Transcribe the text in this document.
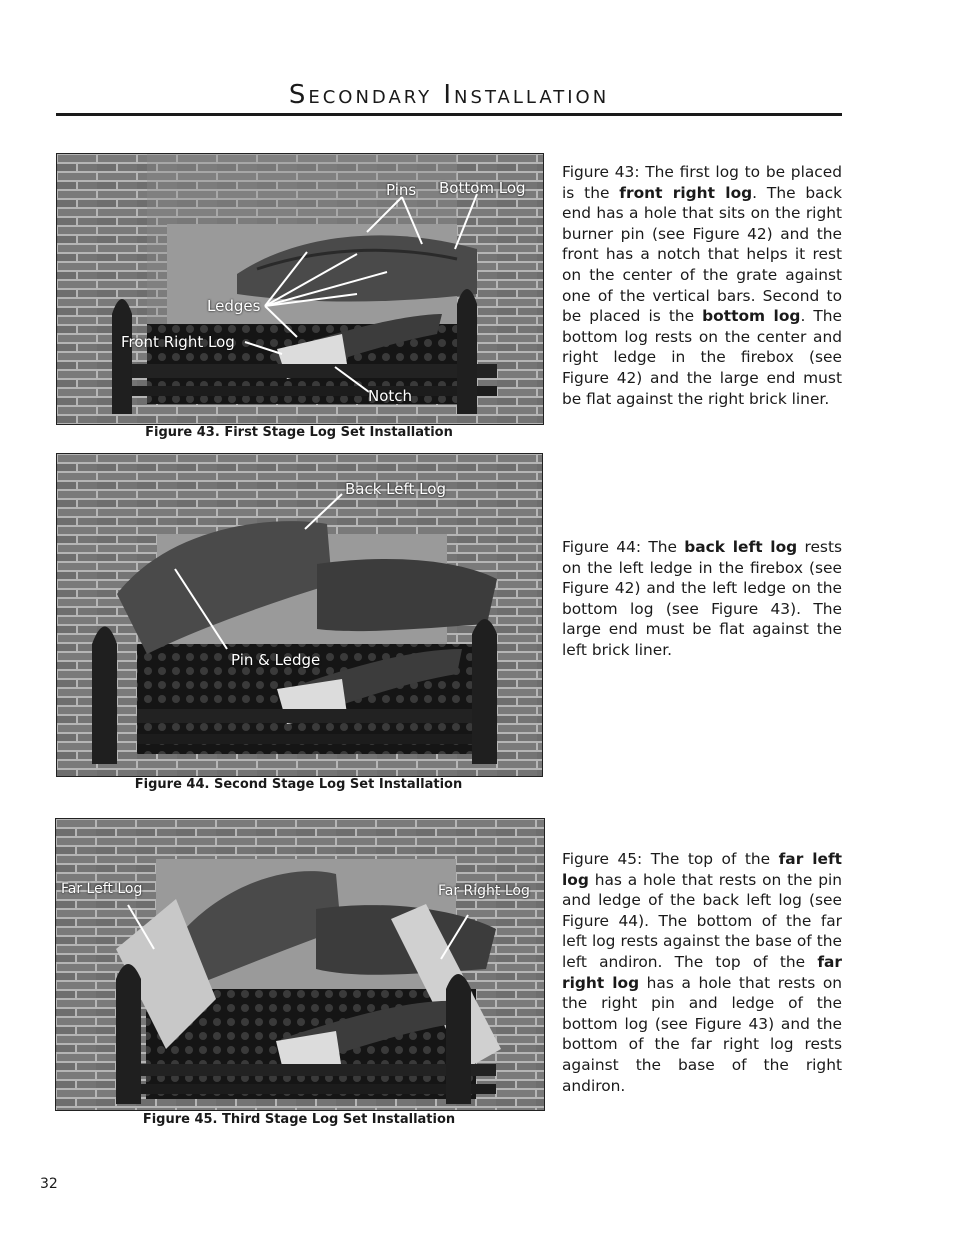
Secondary Installation
Pins Bottom Log
Ledges
Front Right Log
Notch
Figure 43. First Stage Log Set Installation
Figure 43: The first log to be placed is the front right log. The back end has a hole that sits on the right burner pin (see Figure 42) and the front has a notch that helps it rest on the center of the grate against one of the vertical bars. Second to be placed is the bottom log. The bottom log rests on the center and right ledge in the firebox (see Figure 42) and the large end must be flat against the right brick liner.
Back Left Log
Pin & Ledge
Figure 44. Second Stage Log Set Installation
Figure 44: The back left log rests on the left ledge in the firebox (see Figure 42) and the left ledge on the bottom log (see Figure 43). The large end must be flat against the left brick liner.
Far Left Log	Far Right Log
Figure 45. Third Stage Log Set Installation
Figure 45: The top of the far left log has a hole that rests on the pin and ledge of the back left log (see Figure 44). The bottom of the far left log rests against the base of the left andiron. The top of the far right log has a hole that rests on the right pin and ledge of the bottom log (see Figure 43) and the bottom of the far right log rests against the base of the right andiron.
32
